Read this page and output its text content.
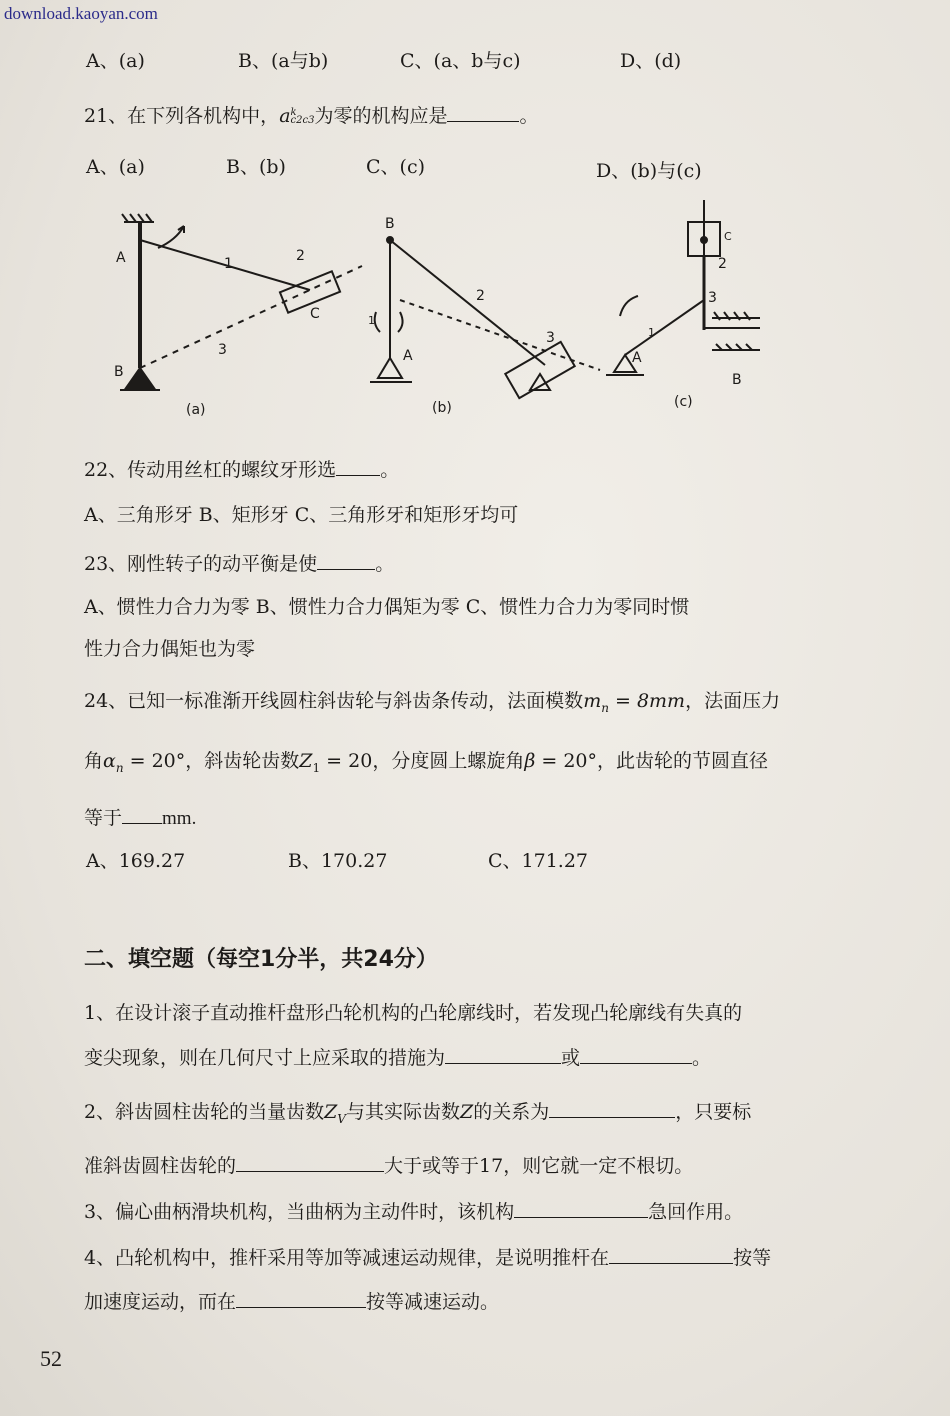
download.kaoyan.com
A、(a)	B、(a与b)	C、(a、b与c)	D、(d)
21、在下列各机构中，a k
c2c3 为零的机构应是	。
A、(a)	B、(b)	C、(c)	D、(b)与(c)
A
B
1	2
C
3
(a)
B
2
A
1
3
(b)
C
2
3
1
A
B
(c)
22、传动用丝杠的螺纹牙形选 。
A、三角形牙 B、矩形牙 C、三角形牙和矩形牙均可
23、刚性转子的动平衡是使	。
A、惯性力合力为零 B、惯性力合力偶矩为零 C、惯性力合力为零同时惯
性力合力偶矩也为零
24、已知一标准渐开线圆柱斜齿轮与斜齿条传动，法面模数$m_n = 8mm$，法面压力
角$\alpha_n = 20^\circ$，斜齿轮齿数$Z_1 = 20$，分度圆上螺旋角β = 20°，此齿轮的节圆直径
等于 mm.
A、169.27	B、170.27	C、171.27
二、填空题（每空1分半，共24分）
1、在设计滚子直动推杆盘形凸轮机构的凸轮廓线时，若发现凸轮廓线有失真的
变尖现象，则在几何尺寸上应采取的措施为	或	。
2、斜齿圆柱齿轮的当量齿数$Z_V$与其实际齿数Z的关系为	，只要标
准斜齿圆柱齿轮的	大于或等于17，则它就一定不根切。
3、偏心曲柄滑块机构，当曲柄为主动件时，该机构	急回作用。
4、凸轮机构中，推杆采用等加等减速运动规律，是说明推杆在	按等
加速度运动，而在	按等减速运动。
52
